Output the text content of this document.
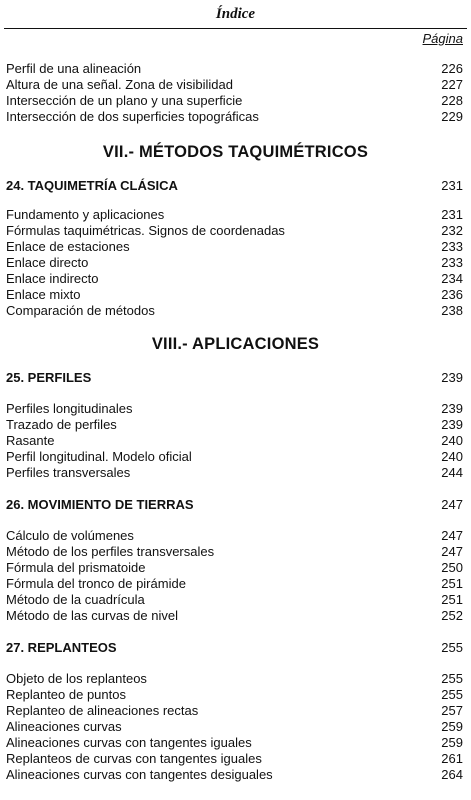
Índice
Página
Perfil de una alineación	226
Altura de una señal. Zona de visibilidad	227
Intersección de un plano y una superficie	228
Intersección de dos superficies topográficas	229
VII.- MÉTODOS TAQUIMÉTRICOS
24. TAQUIMETRÍA CLÁSICA	231
Fundamento y aplicaciones	231
Fórmulas taquimétricas. Signos de coordenadas	232
Enlace de estaciones	233
Enlace directo	233
Enlace indirecto	234
Enlace mixto	236
Comparación de métodos	238
VIII.- APLICACIONES
25. PERFILES	239
Perfiles longitudinales	239
Trazado de perfiles	239
Rasante	240
Perfil longitudinal. Modelo oficial	240
Perfiles transversales	244
26. MOVIMIENTO DE TIERRAS	247
Cálculo de volúmenes	247
Método de los perfiles transversales	247
Fórmula del prismatoide	250
Fórmula del tronco de pirámide	251
Método de la cuadrícula	251
Método de las curvas de nivel	252
27. REPLANTEOS	255
Objeto de los replanteos	255
Replanteo de puntos	255
Replanteo de alineaciones rectas	257
Alineaciones curvas	259
Alineaciones curvas con tangentes iguales	259
Replanteos de curvas con tangentes iguales	261
Alineaciones curvas con tangentes desiguales	264
